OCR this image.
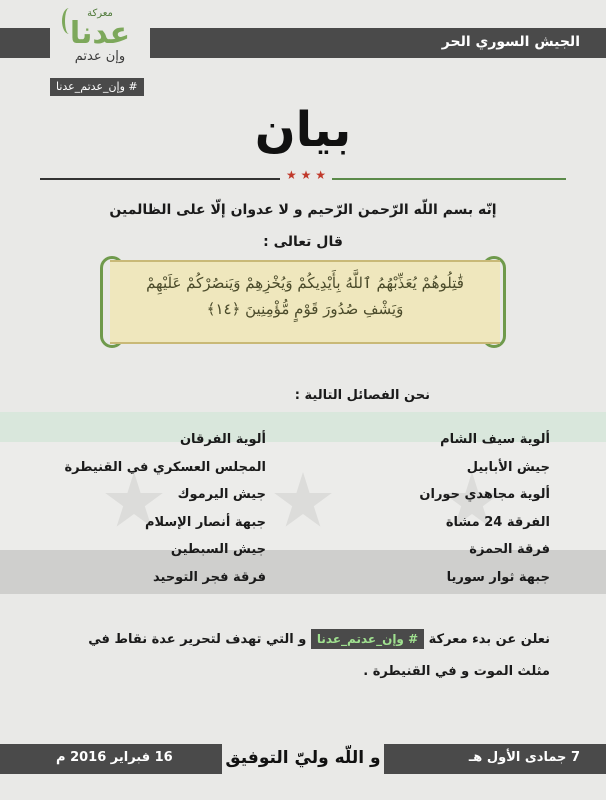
الجيش السوري الحر
معركة
عدنا
وإن عدتم
# وإن_عدتم_عدنا
بيان
★ ★ ★
إنّه بسم اللّه الرّحمن الرّحيم و لا عدوان إلّا على الظالمين
قال تعالى :
قَٰتِلُوهُمْ يُعَذِّبْهُمُ ٱللَّهُ بِأَيْدِيكُمْ وَيُخْزِهِمْ وَيَنصُرْكُمْ عَلَيْهِمْ وَيَشْفِ صُدُورَ قَوْمٍ مُّؤْمِنِينَ ﴿١٤﴾
نحن الفصائل التالية :
ألوية سيف الشام
جيش الأبابيل
ألوية مجاهدي حوران
الفرقة 24 مشاة
فرقة الحمزة
جبهة ثوار سوريا
ألوية الفرقان
المجلس العسكري في القنيطرة
جيش اليرموك
جبهة أنصار الإسلام
جيش السبطين
فرقة فجر التوحيد
نعلن عن بدء معركة # وإن_عدتم_عدنا و التي تهدف لتحرير عدة نقاط في
مثلث الموت و في القنيطرة .
7 جمادى الأول هـ
16 فبراير 2016 م	و اللّه وليّ التوفيق
